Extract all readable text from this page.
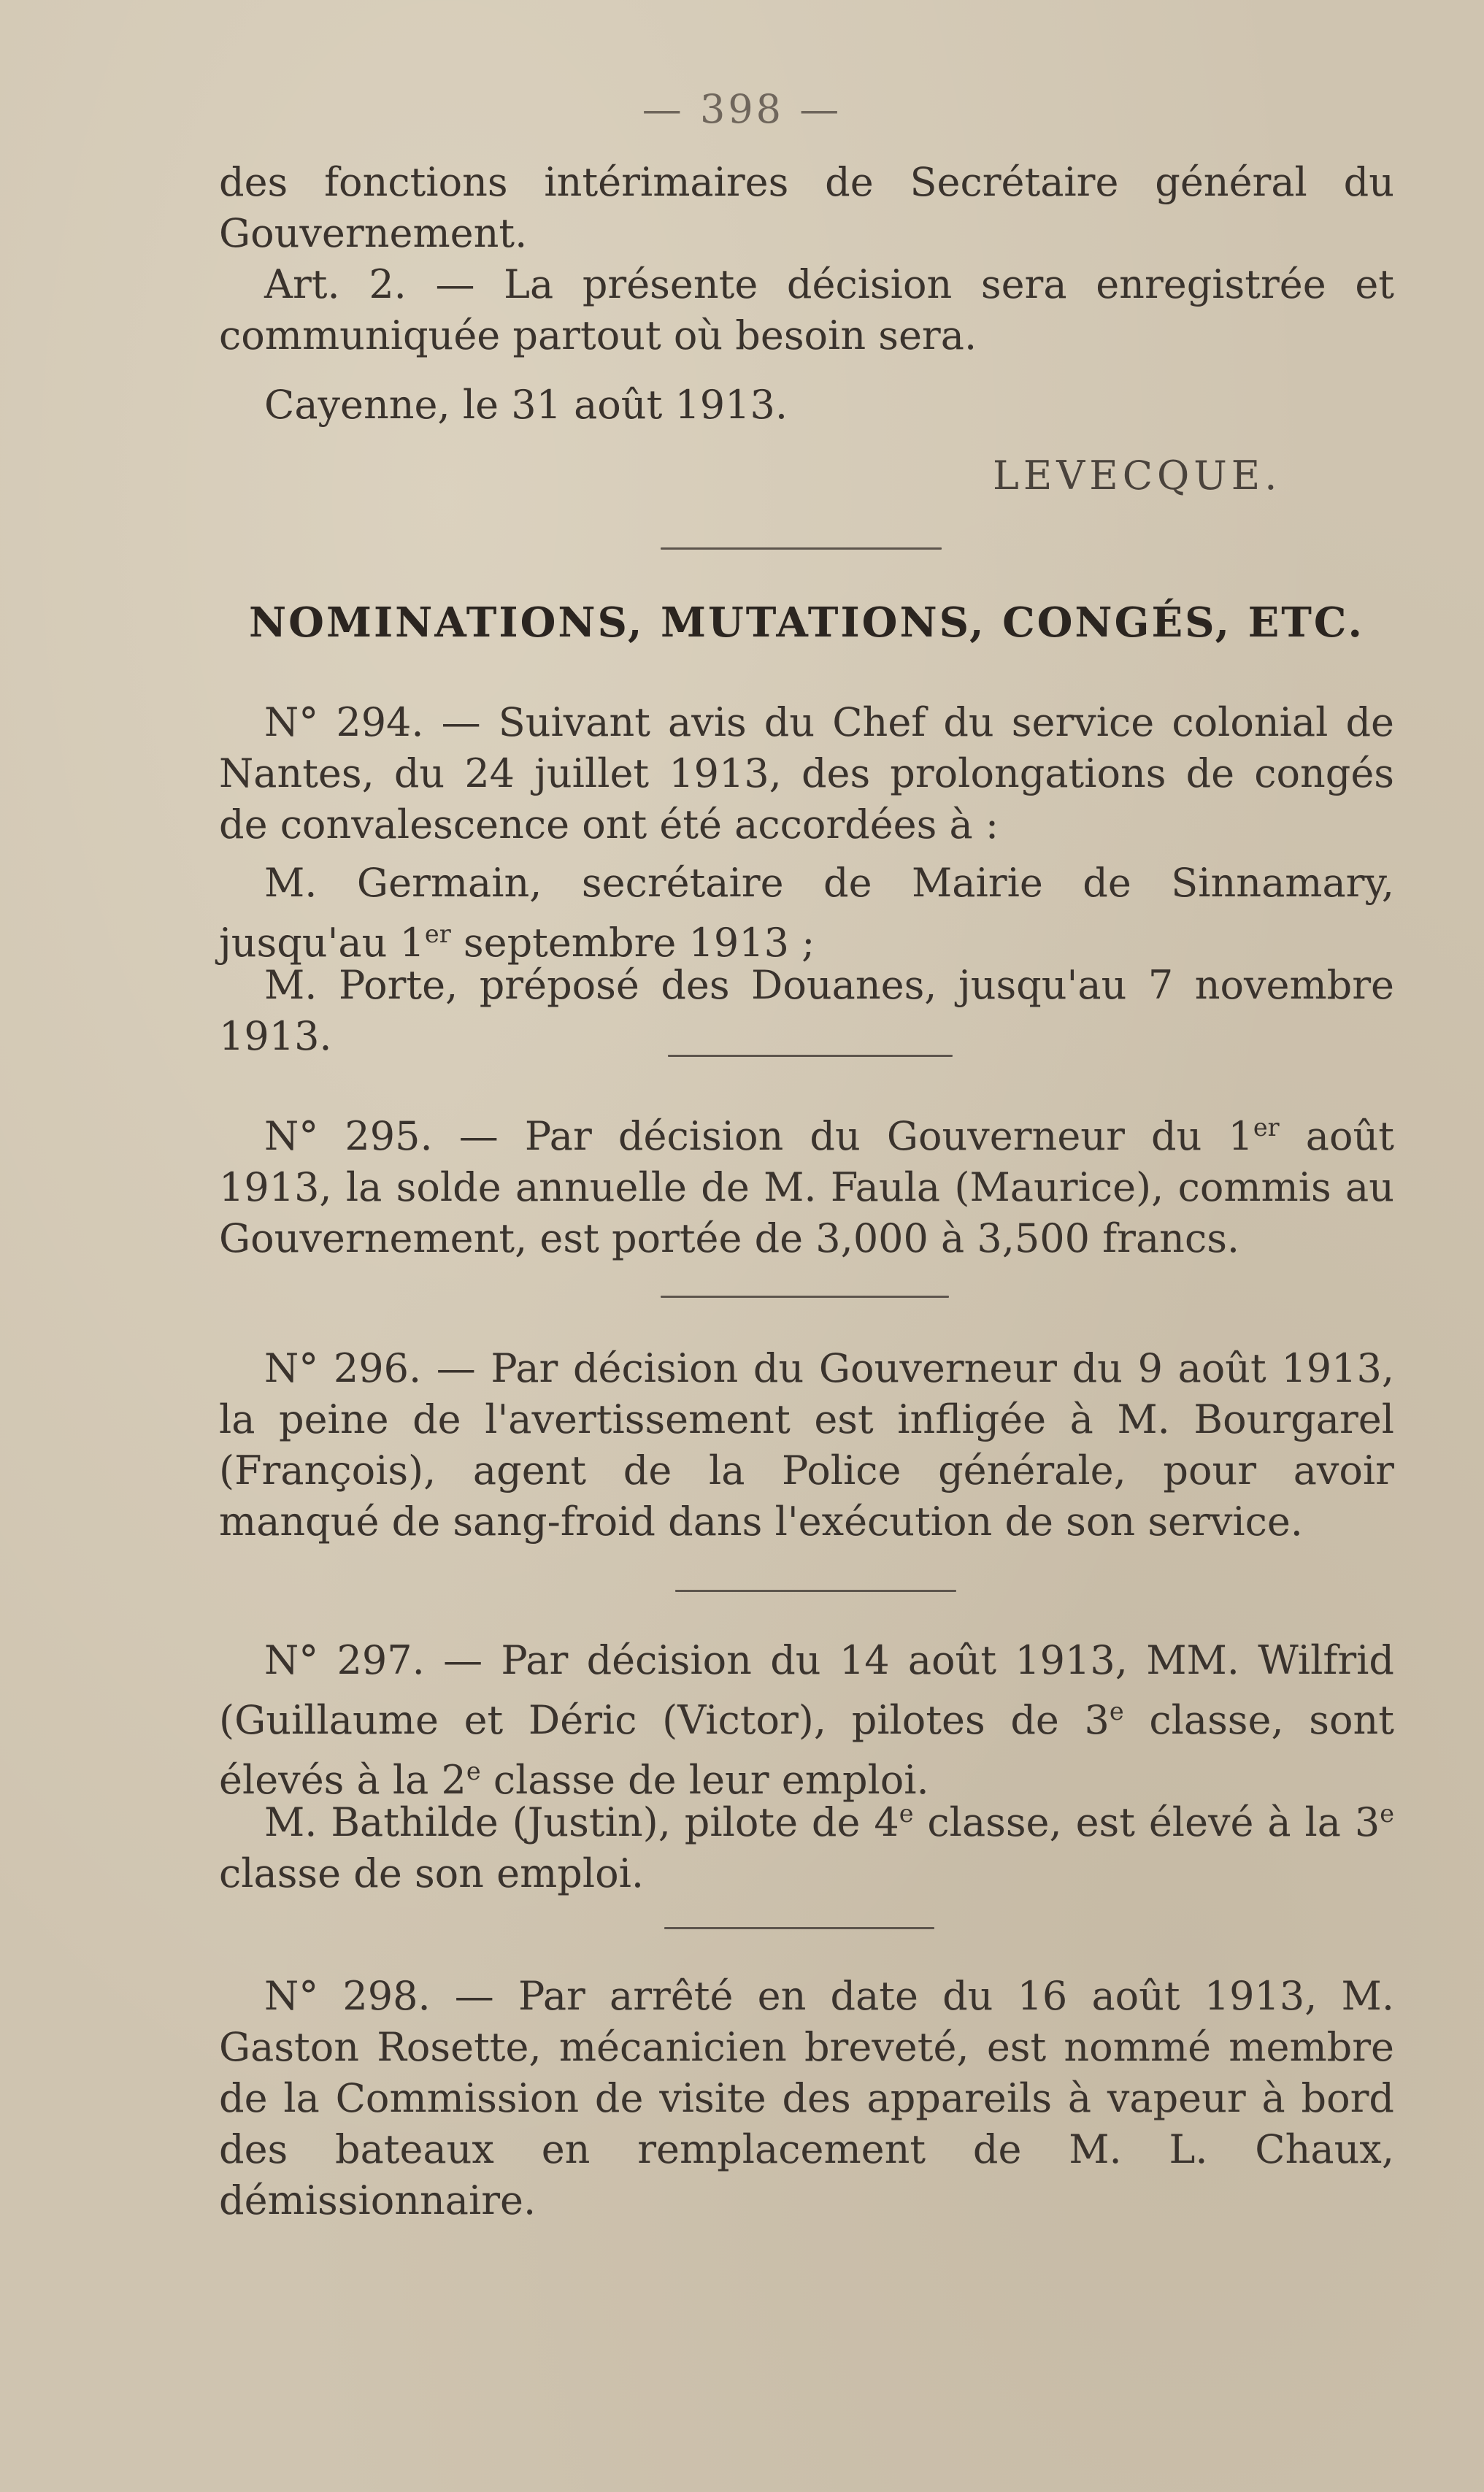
— 398 —

des fonctions intérimaires de Secrétaire général du Gouvernement.

Art. 2. — La présente décision sera enregistrée et communiquée partout où besoin sera.

Cayenne, le 31 août 1913.

LEVECQUE.
NOMINATIONS, MUTATIONS, CONGÉS, ETC.

N° 294. — Suivant avis du Chef du service colonial de Nantes, du 24 juillet 1913, des prolongations de congés de convalescence ont été accordées à :

M. Germain, secrétaire de Mairie de Sinnamary, jusqu'au 1er septembre 1913 ;

M. Porte, préposé des Douanes, jusqu'au 7 novembre 1913.

N° 295. — Par décision du Gouverneur du 1er août 1913, la solde annuelle de M. Faula (Maurice), commis au Gouvernement, est portée de 3,000 à 3,500 francs.

N° 296. — Par décision du Gouverneur du 9 août 1913, la peine de l'avertissement est infligée à M. Bourgarel (François), agent de la Police générale, pour avoir manqué de sang-froid dans l'exécution de son service.

N° 297. — Par décision du 14 août 1913, MM. Wilfrid (Guillaume et Déric (Victor), pilotes de 3e classe, sont élevés à la 2e classe de leur emploi.

M. Bathilde (Justin), pilote de 4e classe, est élevé à la 3e classe de son emploi.

N° 298. — Par arrêté en date du 16 août 1913, M. Gaston Rosette, mécanicien breveté, est nommé membre de la Commission de visite des appareils à vapeur à bord des bateaux en remplacement de M. L. Chaux, démissionnaire.
